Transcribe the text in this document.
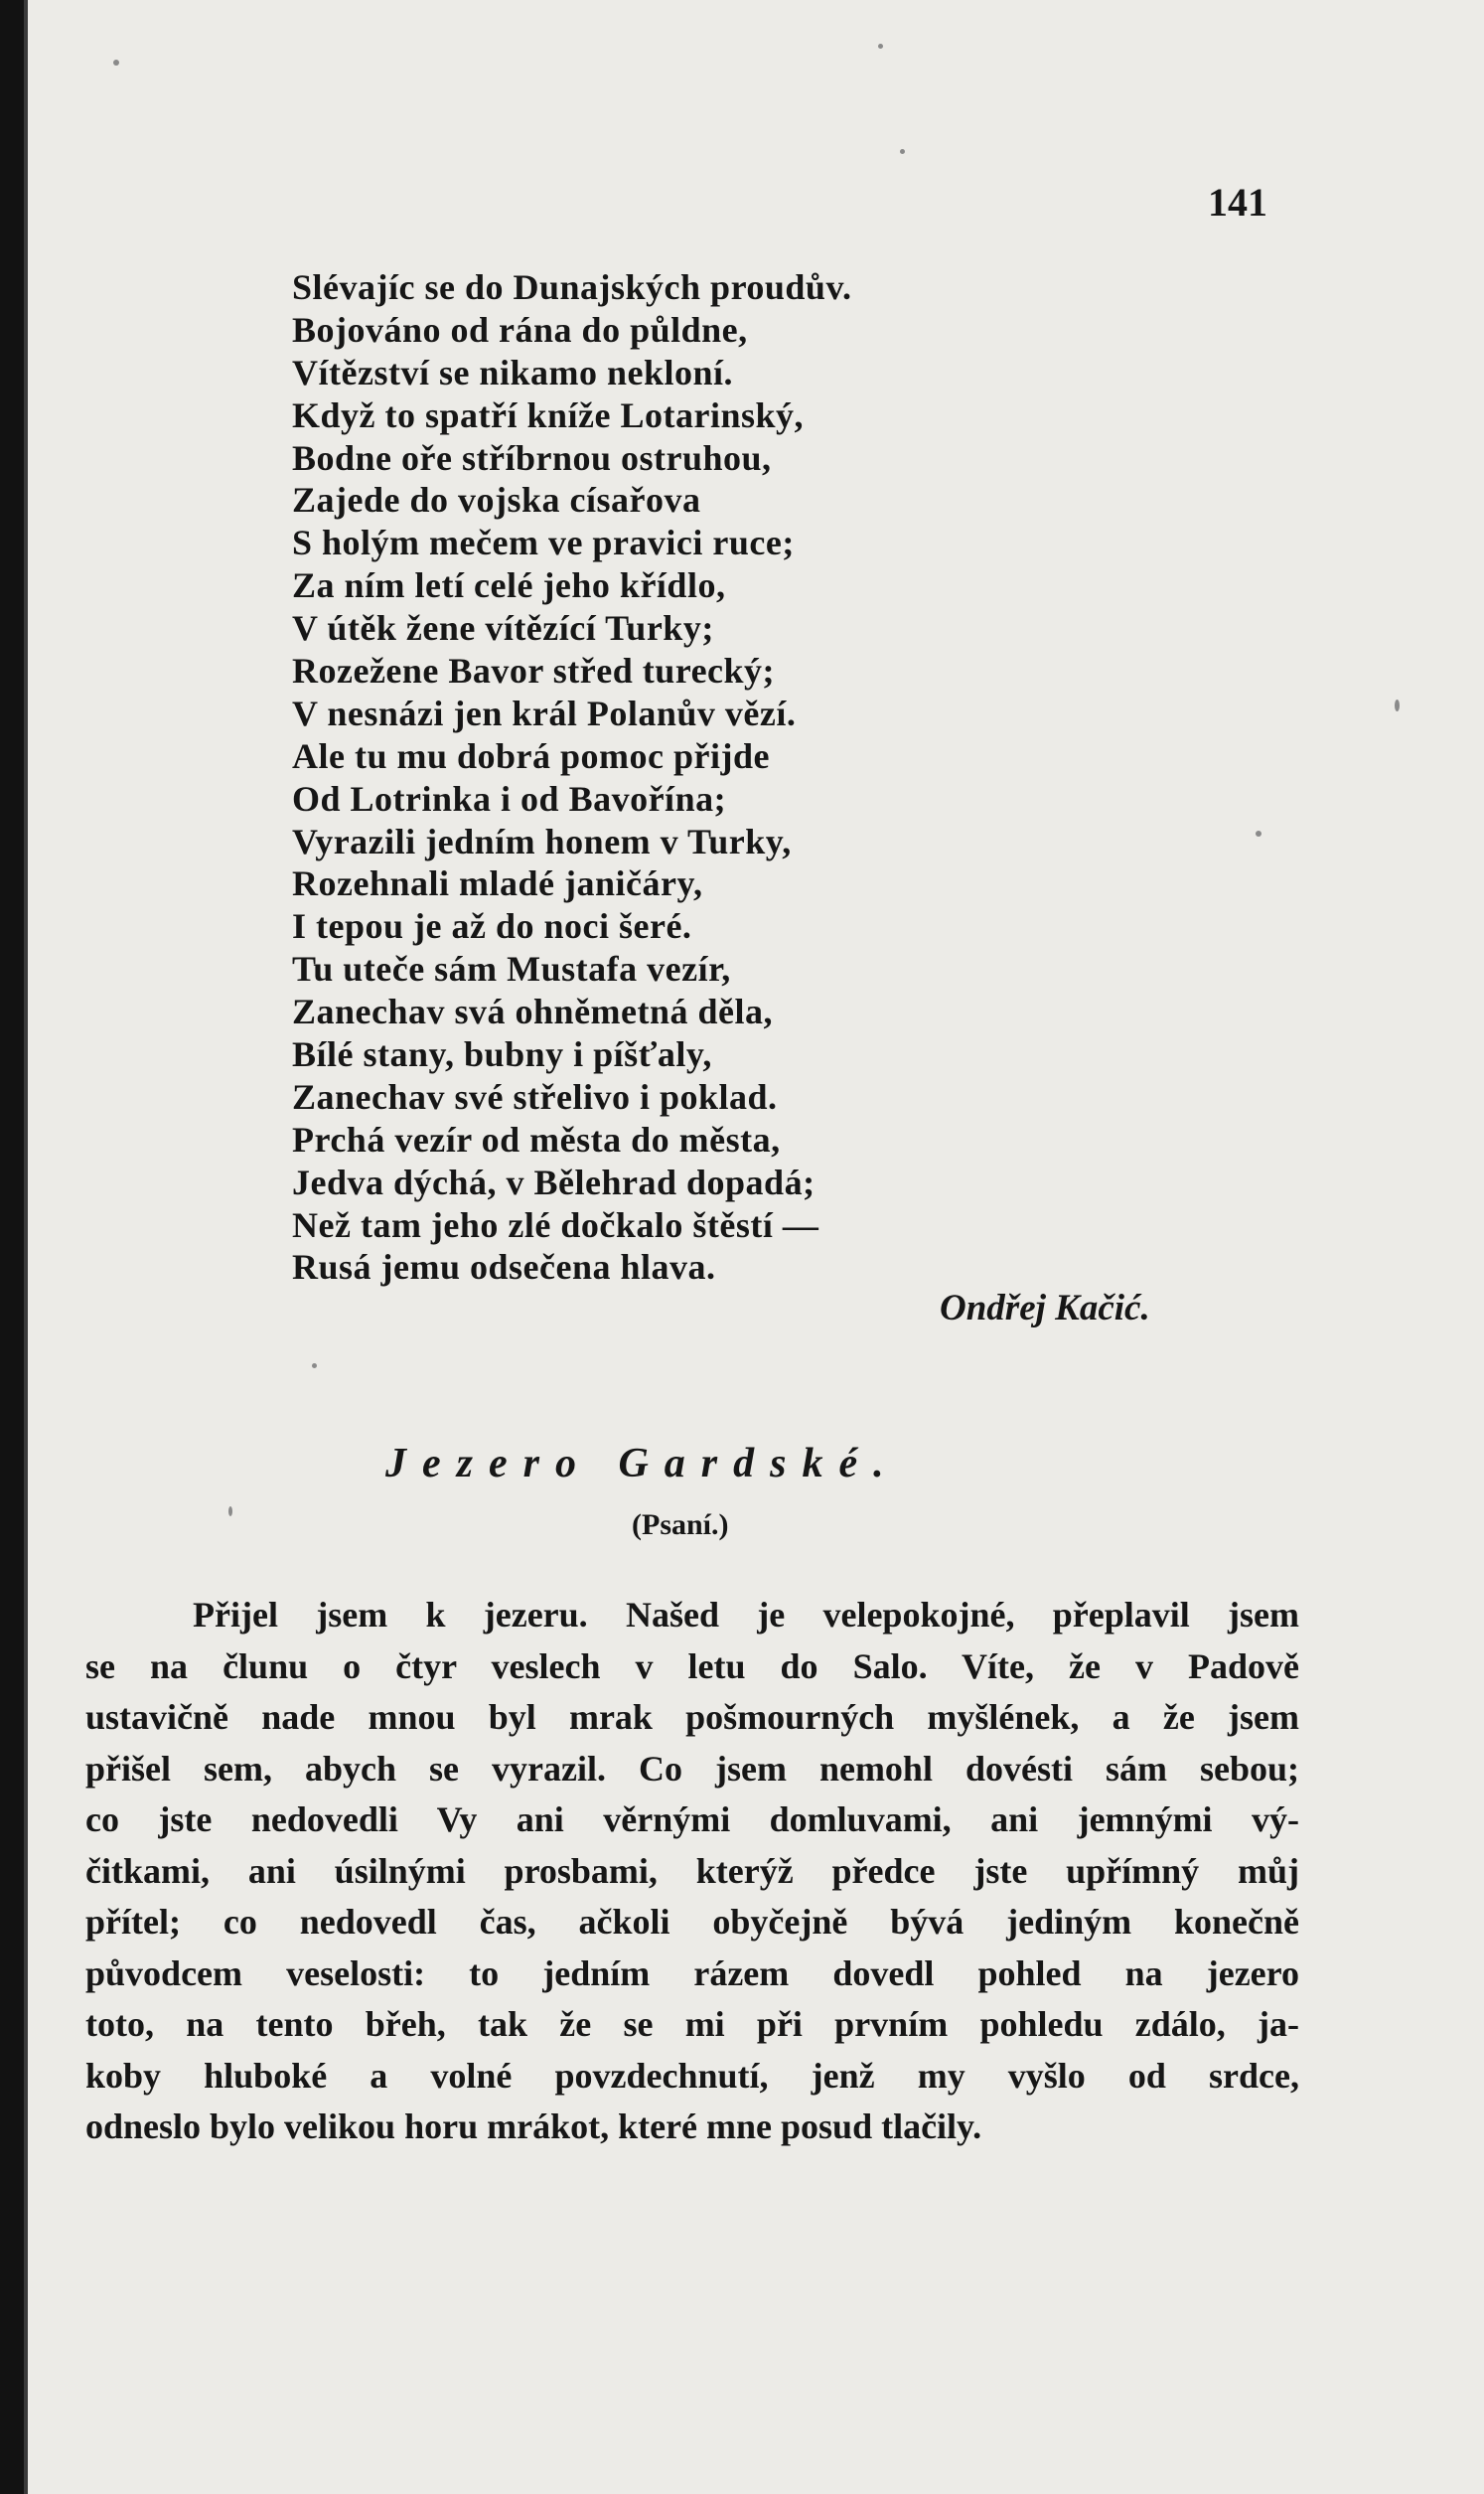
141
Slévajíc se do Dunajských proudův.
Bojováno od rána do půldne,
Vítězství se nikamo nekloní.
Když to spatří kníže Lotarinský,
Bodne oře stříbrnou ostruhou,
Zajede do vojska císařova
S holým mečem ve pravici ruce;
Za ním letí celé jeho křídlo,
V útěk žene vítězící Turky;
Rozežene Bavor střed turecký;
V nesnázi jen král Polanův vězí.
Ale tu mu dobrá pomoc přijde
Od Lotrinka i od Bavořína;
Vyrazili jedním honem v Turky,
Rozehnali mladé janičáry,
I tepou je až do noci šeré.
Tu uteče sám Mustafa vezír,
Zanechav svá ohněmetná děla,
Bílé stany, bubny i píšťaly,
Zanechav své střelivo i poklad.
Prchá vezír od města do města,
Jedva dýchá, v Bělehrad dopadá;
Než tam jeho zlé dočkalo štěstí —
Rusá jemu odsečena hlava.
Ondřej Kačić.
Jezero Gardské.
(Psaní.)
Přijel jsem k jezeru. Našed je velepokojné, přeplavil jsem
se na člunu o čtyr veslech v letu do Salo. Víte, že v Padově
ustavičně nade mnou byl mrak pošmourných myšlének, a že jsem
přišel sem, abych se vyrazil. Co jsem nemohl dovésti sám sebou;
co jste nedovedli Vy ani věrnými domluvami, ani jemnými vý-
čitkami, ani úsilnými prosbami, kterýž předce jste upřímný můj
přítel; co nedovedl čas, ačkoli obyčejně bývá jediným konečně
původcem veselosti: to jedním rázem dovedl pohled na jezero
toto, na tento břeh, tak že se mi při prvním pohledu zdálo, ja-
koby hluboké a volné povzdechnutí, jenž my vyšlo od srdce,
odneslo bylo velikou horu mrákot, které mne posud tlačily.
